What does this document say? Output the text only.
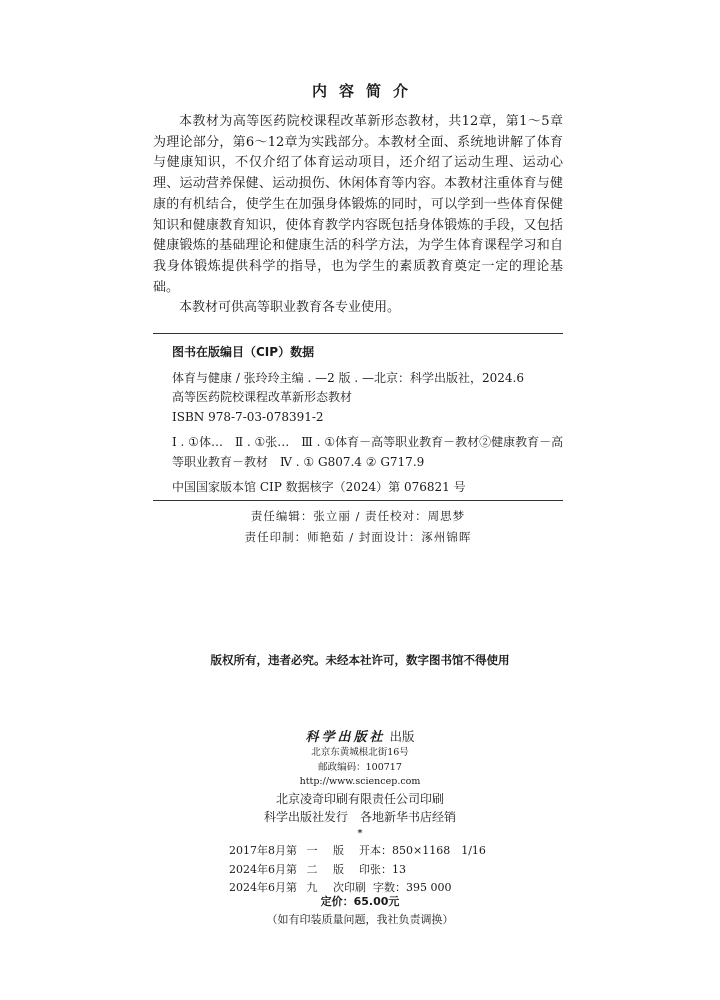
内容简介

本教材为高等医药院校课程改革新形态教材，共12章，第1～5章为理论部分，第6～12章为实践部分。本教材全面、系统地讲解了体育与健康知识，不仅介绍了体育运动项目，还介绍了运动生理、运动心理、运动营养保健、运动损伤、休闲体育等内容。本教材注重体育与健康的有机结合，使学生在加强身体锻炼的同时，可以学到一些体育保健知识和健康教育知识，使体育教学内容既包括身体锻炼的手段，又包括健康锻炼的基础理论和健康生活的科学方法，为学生体育课程学习和自我身体锻炼提供科学的指导，也为学生的素质教育奠定一定的理论基础。

本教材可供高等职业教育各专业使用。

图书在版编目（CIP）数据
体育与健康 / 张玲玲主编 . —2 版 . —北京：科学出版社，2024.6
高等医药院校课程改革新形态教材
ISBN 978-7-03-078391-2
Ⅰ . ①体…　Ⅱ . ①张…　Ⅲ . ①体育－高等职业教育－教材②健康教育－高等职业教育－教材　Ⅳ . ① G807.4 ② G717.9
中国国家版本馆 CIP 数据核字（2024）第 076821 号
责任编辑：张立丽 / 责任校对：周思梦
责任印制：师艳茹 / 封面设计：涿州锦晖
版权所有，违者必究。未经本社许可，数字图书馆不得使用
科学出版社 出版
北京东黄城根北街16号
邮政编码：100717
http://www.sciencep.com
北京凌奇印刷有限责任公司印刷
科学出版社发行　各地新华书店经销
*
2017年8月第 一 版 开本：850×1168　1/16
2024年6月第 二 版 印张：13
2024年6月第 九 次印刷 字数：395 000
定价：65.00元
（如有印装质量问题，我社负责调换）
